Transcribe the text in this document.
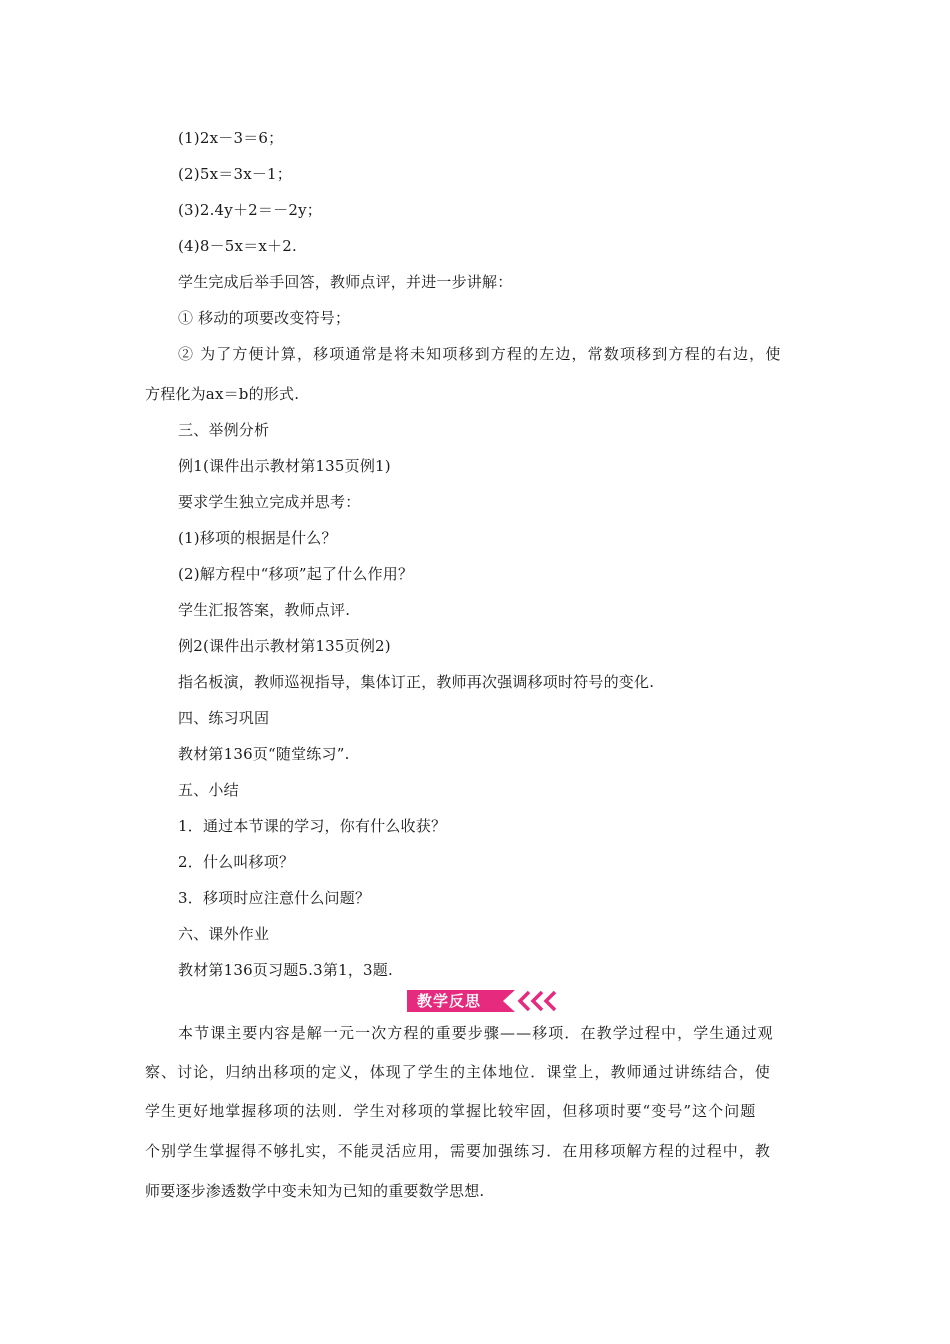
(1)2x－3＝6；
(2)5x＝3x－1；
(3)2.4y＋2＝－2y；
(4)8－5x＝x＋2.
学生完成后举手回答，教师点评，并进一步讲解：
① 移动的项要改变符号；
② 为了方便计算，移项通常是将未知项移到方程的左边，常数项移到方程的右边，使
方程化为ax＝b的形式.
三、举例分析
例1(课件出示教材第135页例1)
要求学生独立完成并思考：
(1)移项的根据是什么？
(2)解方程中“移项”起了什么作用？
学生汇报答案，教师点评.
例2(课件出示教材第135页例2)
指名板演，教师巡视指导，集体订正，教师再次强调移项时符号的变化.
四、练习巩固
教材第136页“随堂练习”.
五、小结
1．通过本节课的学习，你有什么收获？
2．什么叫移项？
3．移项时应注意什么问题？
六、课外作业
教材第136页习题5.3第1，3题.
教学反思
本节课主要内容是解一元一次方程的重要步骤——移项．在教学过程中，学生通过观
察、讨论，归纳出移项的定义，体现了学生的主体地位．课堂上，教师通过讲练结合，使
学生更好地掌握移项的法则．学生对移项的掌握比较牢固，但移项时要“变号”这个问题
个别学生掌握得不够扎实，不能灵活应用，需要加强练习．在用移项解方程的过程中，教
师要逐步渗透数学中变未知为已知的重要数学思想.
